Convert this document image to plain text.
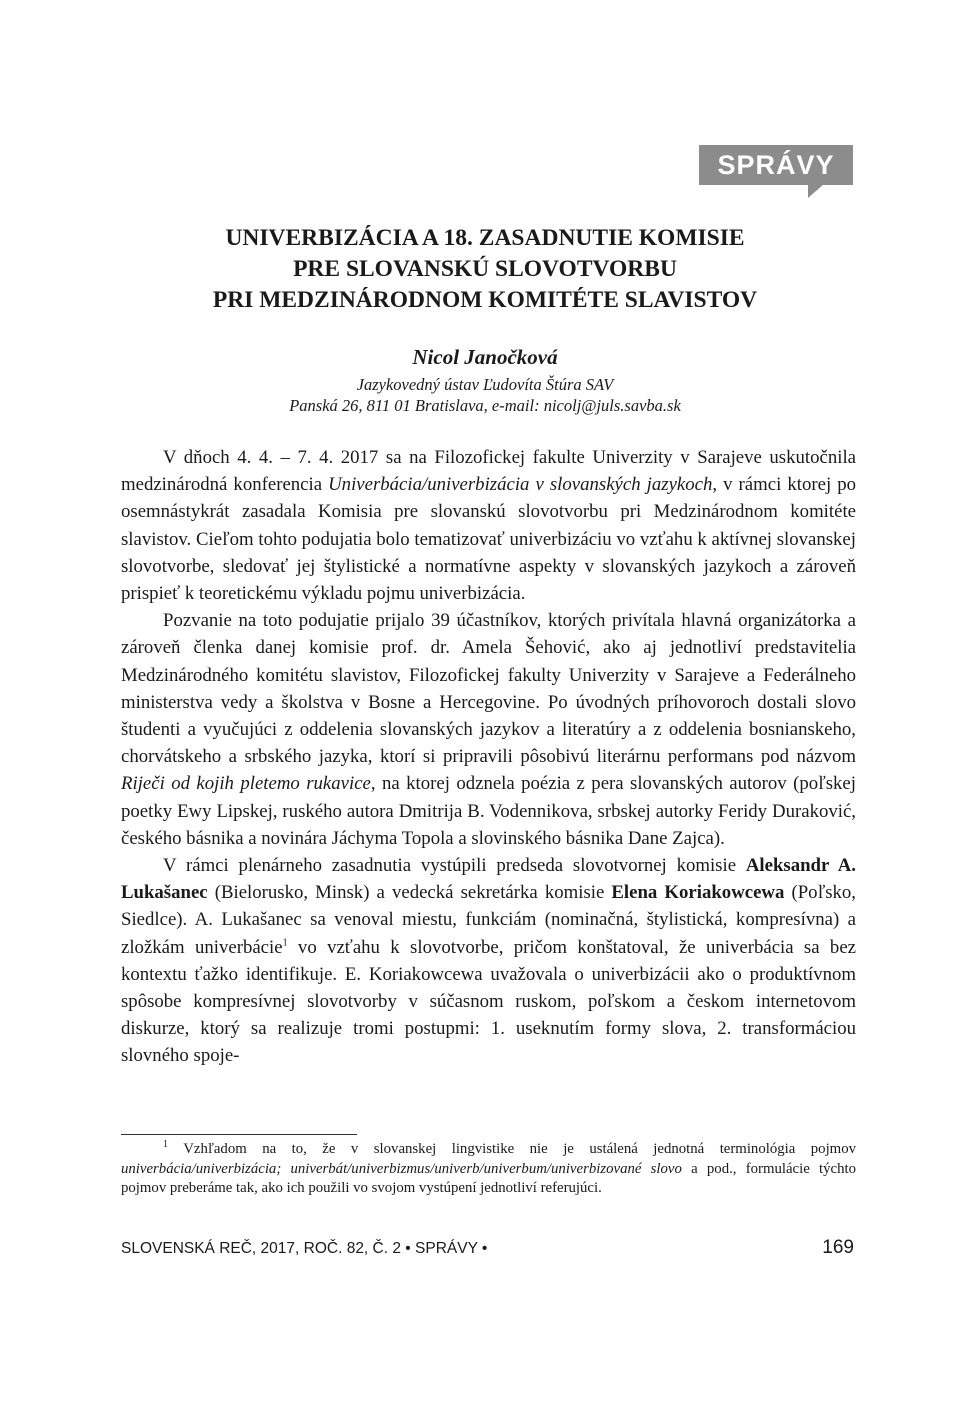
SPRÁVY
UNIVERBIZÁCIA A 18. ZASADNUTIE KOMISIE
PRE SLOVANSKÚ SLOVOTVORBU
PRI MEDZINÁRODNOM KOMITÉTE SLAVISTOV
Nicol Janočková
Jazykovedný ústav Ľudovíta Štúra SAV
Panská 26, 811 01 Bratislava, e-mail: nicolj@juls.savba.sk

V dňoch 4. 4. – 7. 4. 2017 sa na Filozofickej fakulte Univerzity v Sarajeve uskutočnila medzinárodná konferencia Univerbácia/univerbizácia v slovanských jazykoch, v rámci ktorej po osemnástykrát zasadala Komisia pre slovanskú slovotvorbu pri Medzinárodnom komitéte slavistov. Cieľom tohto podujatia bolo tematizovať univerbizáciu vo vzťahu k aktívnej slovanskej slovotvorbe, sledovať jej štylistické a normatívne aspekty v slovanských jazykoch a zároveň prispieť k teoretickému výkladu pojmu univerbizácia.

Pozvanie na toto podujatie prijalo 39 účastníkov, ktorých privítala hlavná organizátorka a zároveň členka danej komisie prof. dr. Amela Šehović, ako aj jednotliví predstavitelia Medzinárodného komitétu slavistov, Filozofickej fakulty Univerzity v Sarajeve a Federálneho ministerstva vedy a školstva v Bosne a Hercegovine. Po úvodných príhovoroch dostali slovo študenti a vyučujúci z oddelenia slovanských jazykov a literatúry a z oddelenia bosnianskeho, chorvátskeho a srbského jazyka, ktorí si pripravili pôsobivú literárnu performans pod názvom Riječi od kojih pletemo rukavice, na ktorej odznela poézia z pera slovanských autorov (poľskej poetky Ewy Lipskej, ruského autora Dmitrija B. Vodennikova, srbskej autorky Feridy Duraković, českého básnika a novinára Jáchyma Topola a slovinského básnika Dane Zajca).

V rámci plenárneho zasadnutia vystúpili predseda slovotvornej komisie Aleksandr A. Lukašanec (Bielorusko, Minsk) a vedecká sekretárka komisie Elena Koriakowcewa (Poľsko, Siedlce). A. Lukašanec sa venoval miestu, funkciám (nominačná, štylistická, kompresívna) a zložkám univerbácie$^1$ vo vzťahu k slovotvorbe, pričom konštatoval, že univerbácia sa bez kontextu ťažko identifikuje. E. Koriakowcewa uvažovala o univerbizácii ako o produktívnom spôsobe kompresívnej slovotvorby v súčasnom ruskom, poľskom a českom internetovom diskurze, ktorý sa realizuje tromi postupmi: 1. useknutím formy slova, 2. transformáciou slovného spoje-

$^1$ Vzhľadom na to, že v slovanskej lingvistike nie je ustálená jednotná terminológia pojmov univerbácia/univerbizácia; univerbát/univerbizmus/univerb/univerbum/univerbizované slovo a pod., formulácie týchto pojmov preberáme tak, ako ich použili vo svojom vystúpení jednotliví referujúci.
SLOVENSKÁ REČ, 2017, ROČ. 82, Č. 2 • SPRÁVY •	169
